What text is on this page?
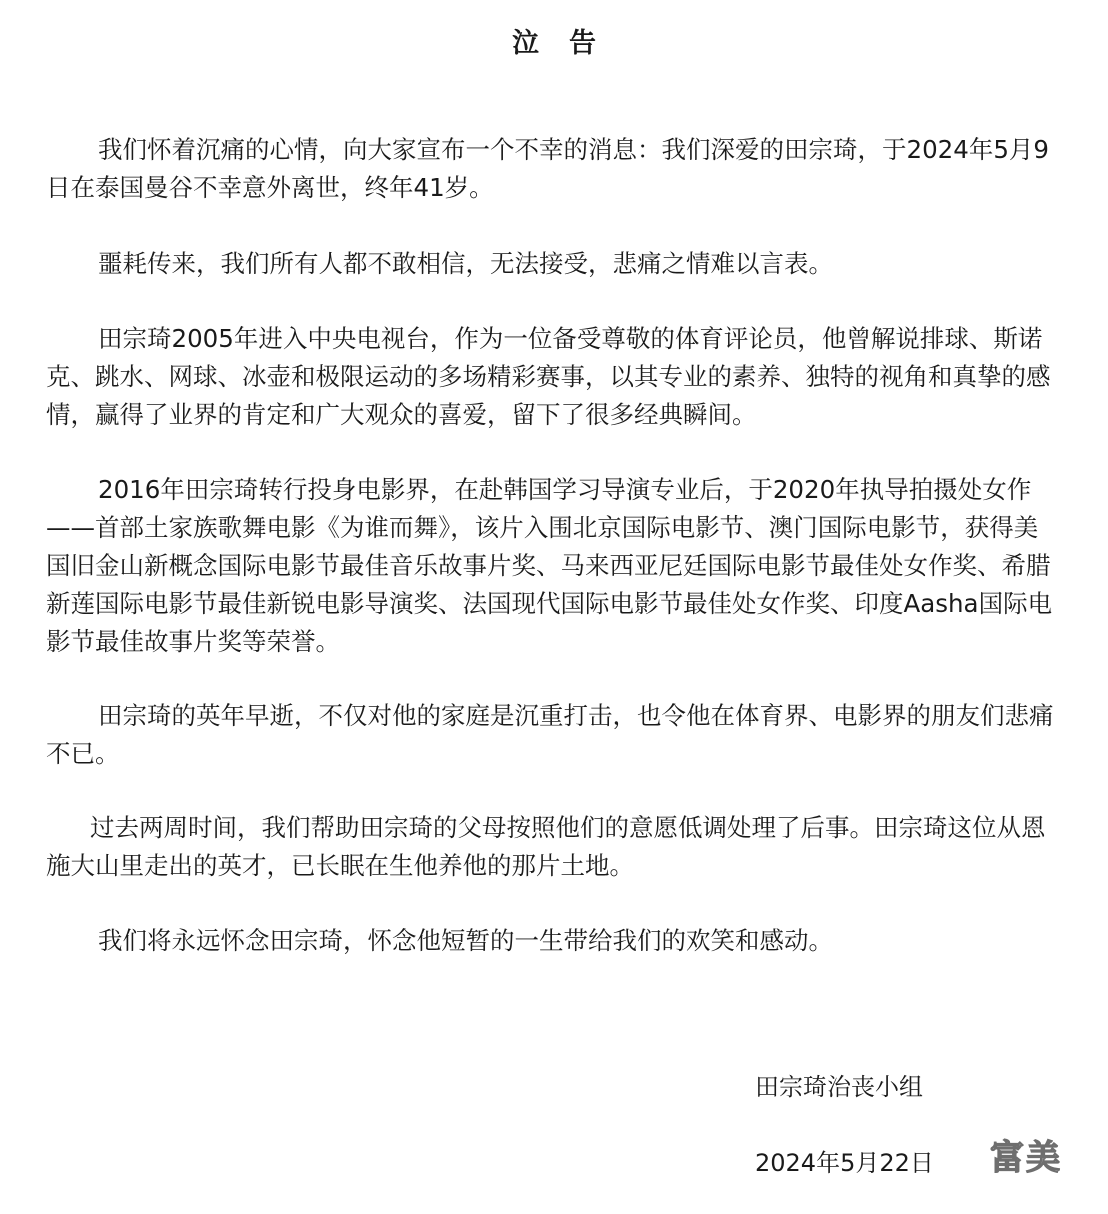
泣告

我们怀着沉痛的心情，向大家宣布一个不幸的消息：我们深爱的田宗琦，于2024年5月9日在泰国曼谷不幸意外离世，终年41岁。

噩耗传来，我们所有人都不敢相信，无法接受，悲痛之情难以言表。

田宗琦2005年进入中央电视台，作为一位备受尊敬的体育评论员，他曾解说排球、斯诺克、跳水、网球、冰壶和极限运动的多场精彩赛事，以其专业的素养、独特的视角和真挚的感情，赢得了业界的肯定和广大观众的喜爱，留下了很多经典瞬间。

2016年田宗琦转行投身电影界，在赴韩国学习导演专业后，于2020年执导拍摄处女作——首部土家族歌舞电影《为谁而舞》，该片入围北京国际电影节、澳门国际电影节，获得美国旧金山新概念国际电影节最佳音乐故事片奖、马来西亚尼廷国际电影节最佳处女作奖、希腊新莲国际电影节最佳新锐电影导演奖、法国现代国际电影节最佳处女作奖、印度Aasha国际电影节最佳故事片奖等荣誉。

田宗琦的英年早逝，不仅对他的家庭是沉重打击，也令他在体育界、电影界的朋友们悲痛不已。

过去两周时间，我们帮助田宗琦的父母按照他们的意愿低调处理了后事。田宗琦这位从恩施大山里走出的英才，已长眠在生他养他的那片土地。

我们将永远怀念田宗琦，怀念他短暂的一生带给我们的欢笑和感动。

田宗琦治丧小组
2024年5月22日 富美
